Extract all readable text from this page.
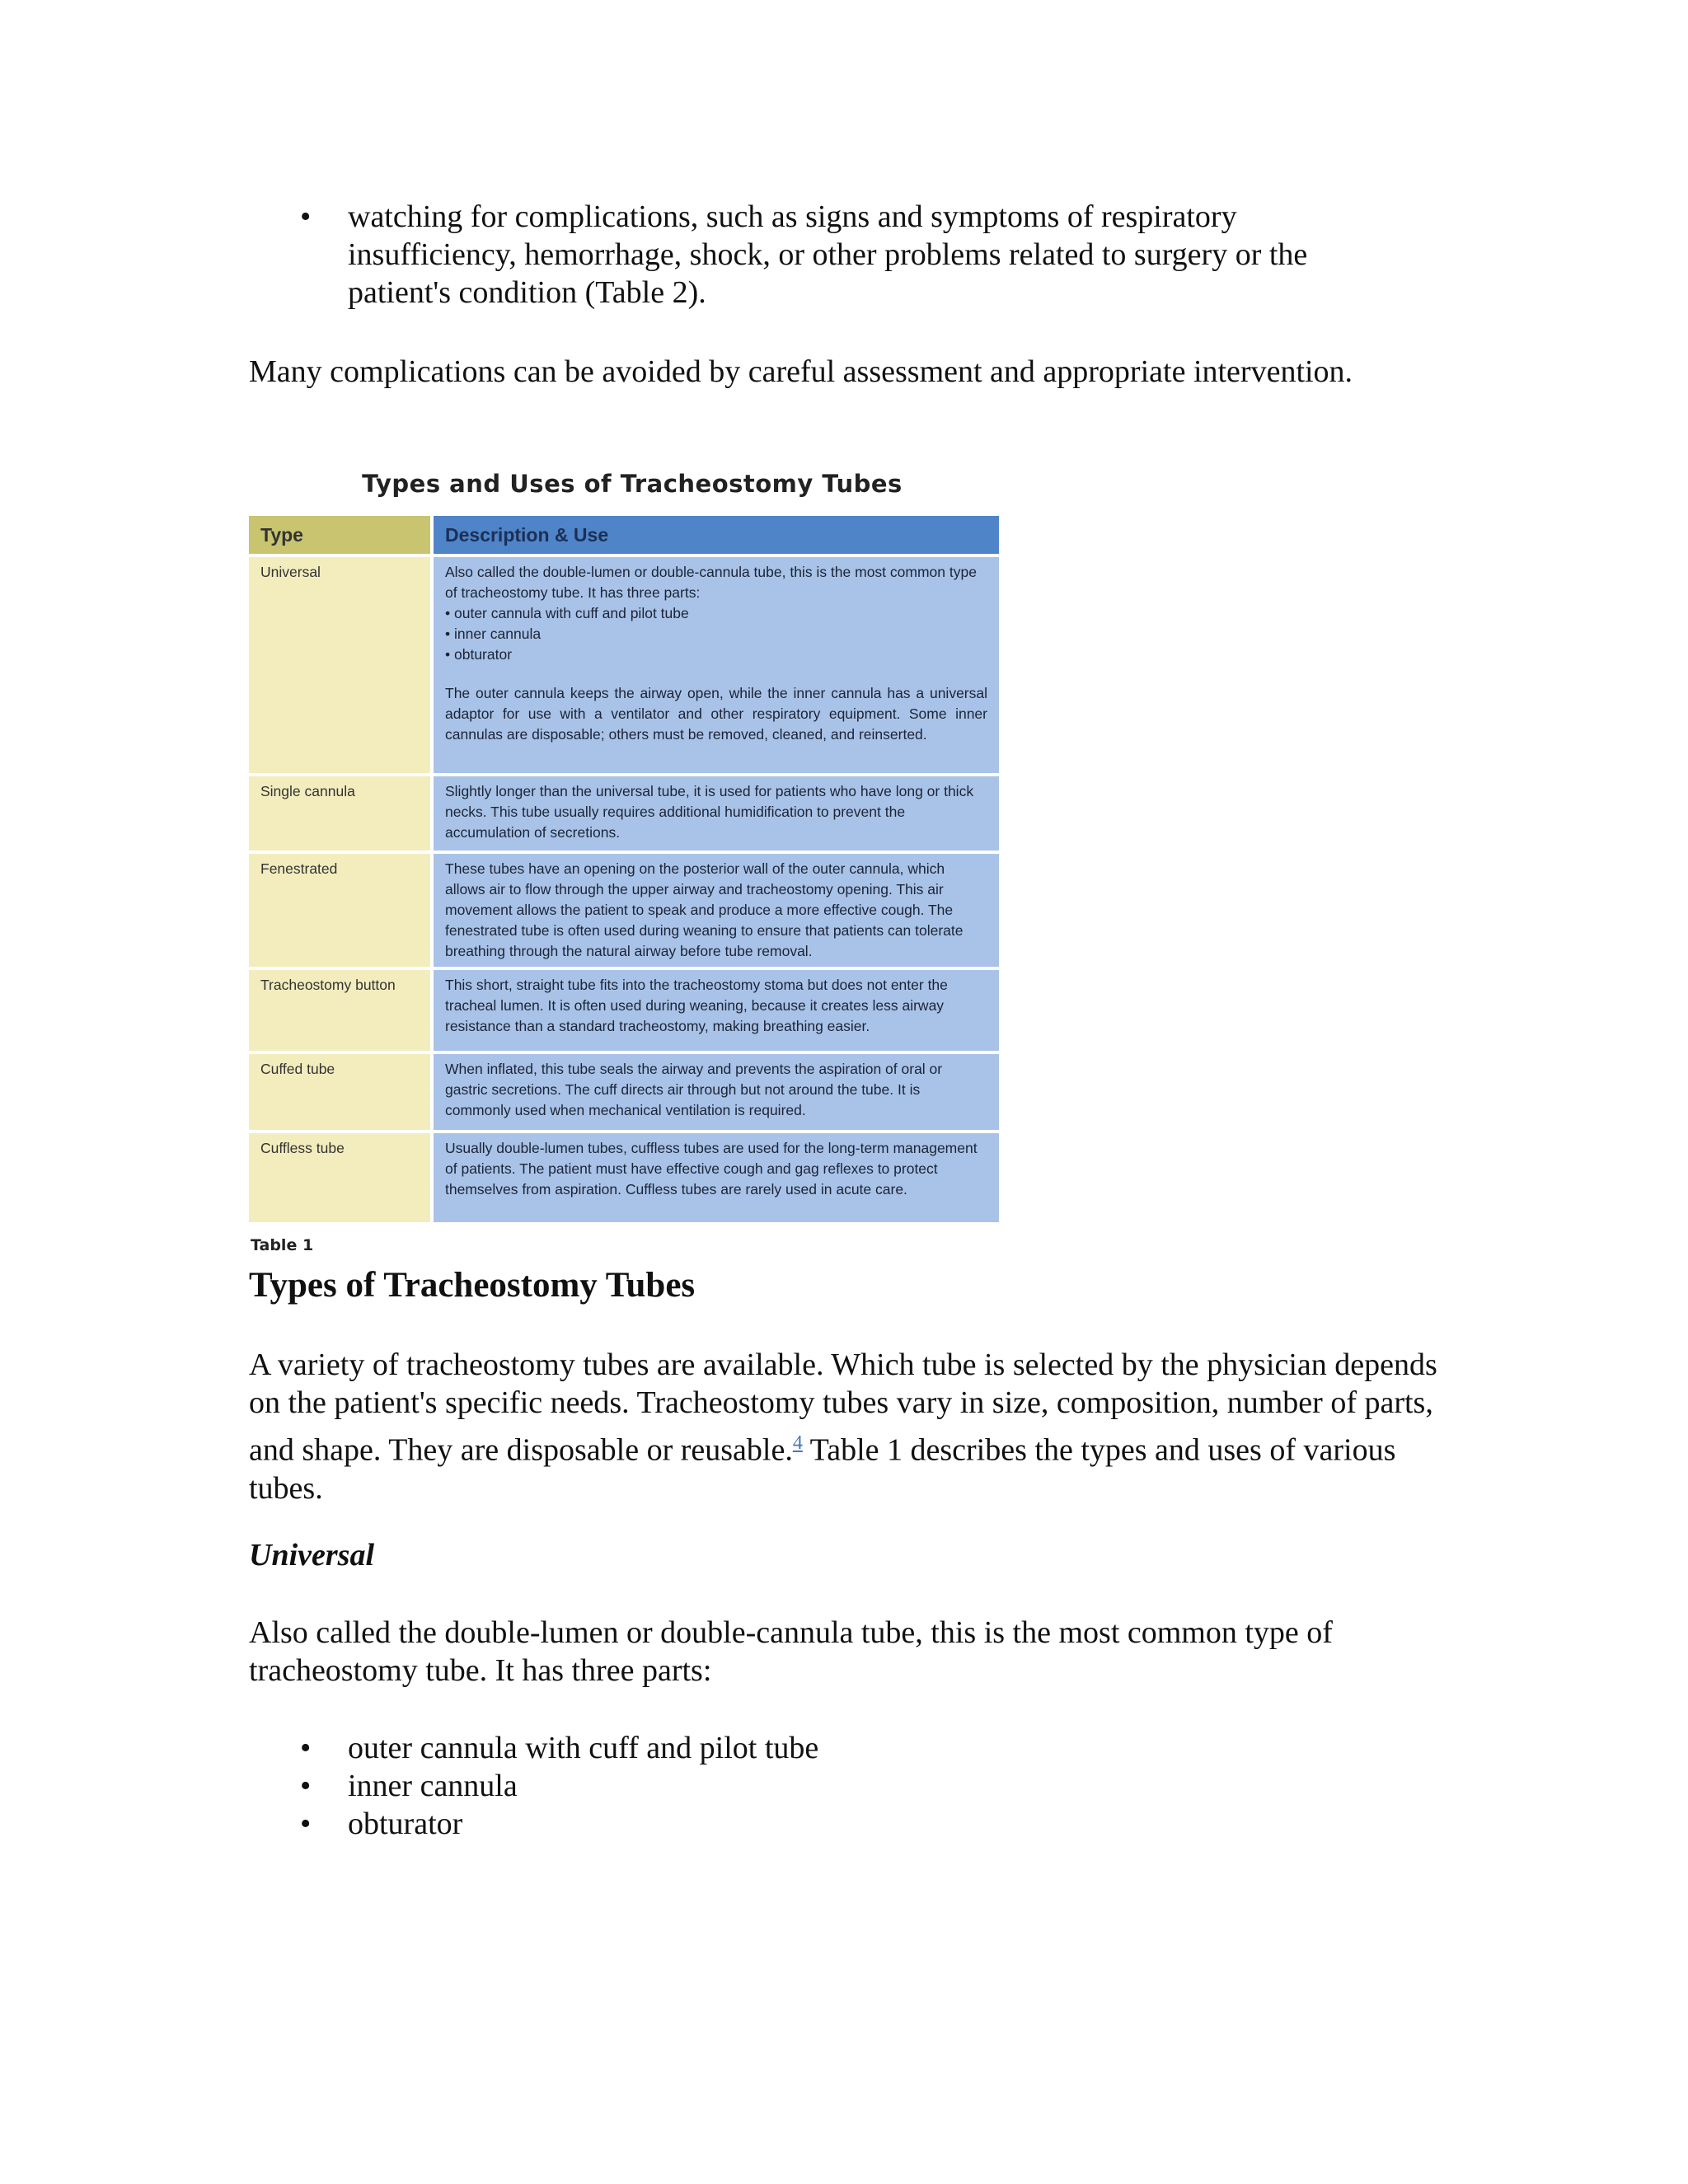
• watching for complications, such as signs and symptoms of respiratory insufficiency, hemorrhage, shock, or other problems related to surgery or the patient's condition (Table 2).

Many complications can be avoided by careful assessment and appropriate intervention.

Types and Uses of Tracheostomy Tubes
Type	Description & Use
Universal	Also called the double-lumen or double-cannula tube, this is the most common type of tracheostomy tube. It has three parts:
• outer cannula with cuff and pilot tube
• inner cannula
• obturator
The outer cannula keeps the airway open, while the inner cannula has a universal adaptor for use with a ventilator and other respiratory equipment. Some inner cannulas are disposable; others must be removed, cleaned, and reinserted.

Single cannula	Slightly longer than the universal tube, it is used for patients who have long or thick necks. This tube usually requires additional humidification to prevent the accumulation of secretions.
Fenestrated	These tubes have an opening on the posterior wall of the outer cannula, which allows air to flow through the upper airway and tracheostomy opening. This air movement allows the patient to speak and produce a more effective cough. The fenestrated tube is often used during weaning to ensure that patients can tolerate breathing through the natural airway before tube removal.
Tracheostomy button	This short, straight tube fits into the tracheostomy stoma but does not enter the tracheal lumen. It is often used during weaning, because it creates less airway resistance than a standard tracheostomy, making breathing easier.
Cuffed tube	When inflated, this tube seals the airway and prevents the aspiration of oral or gastric secretions. The cuff directs air through but not around the tube. It is commonly used when mechanical ventilation is required.
Cuffless tube	Usually double-lumen tubes, cuffless tubes are used for the long-term management of patients. The patient must have effective cough and gag reflexes to protect themselves from aspiration. Cuffless tubes are rarely used in acute care.
Table 1
Types of Tracheostomy Tubes

A variety of tracheostomy tubes are available. Which tube is selected by the physician depends on the patient's specific needs. Tracheostomy tubes vary in size, composition, number of parts, and shape. They are disposable or reusable.$^4$ Table 1 describes the types and uses of various tubes.

Universal

Also called the double-lumen or double-cannula tube, this is the most common type of tracheostomy tube. It has three parts:

• outer cannula with cuff and pilot tube
• inner cannula
• obturator
